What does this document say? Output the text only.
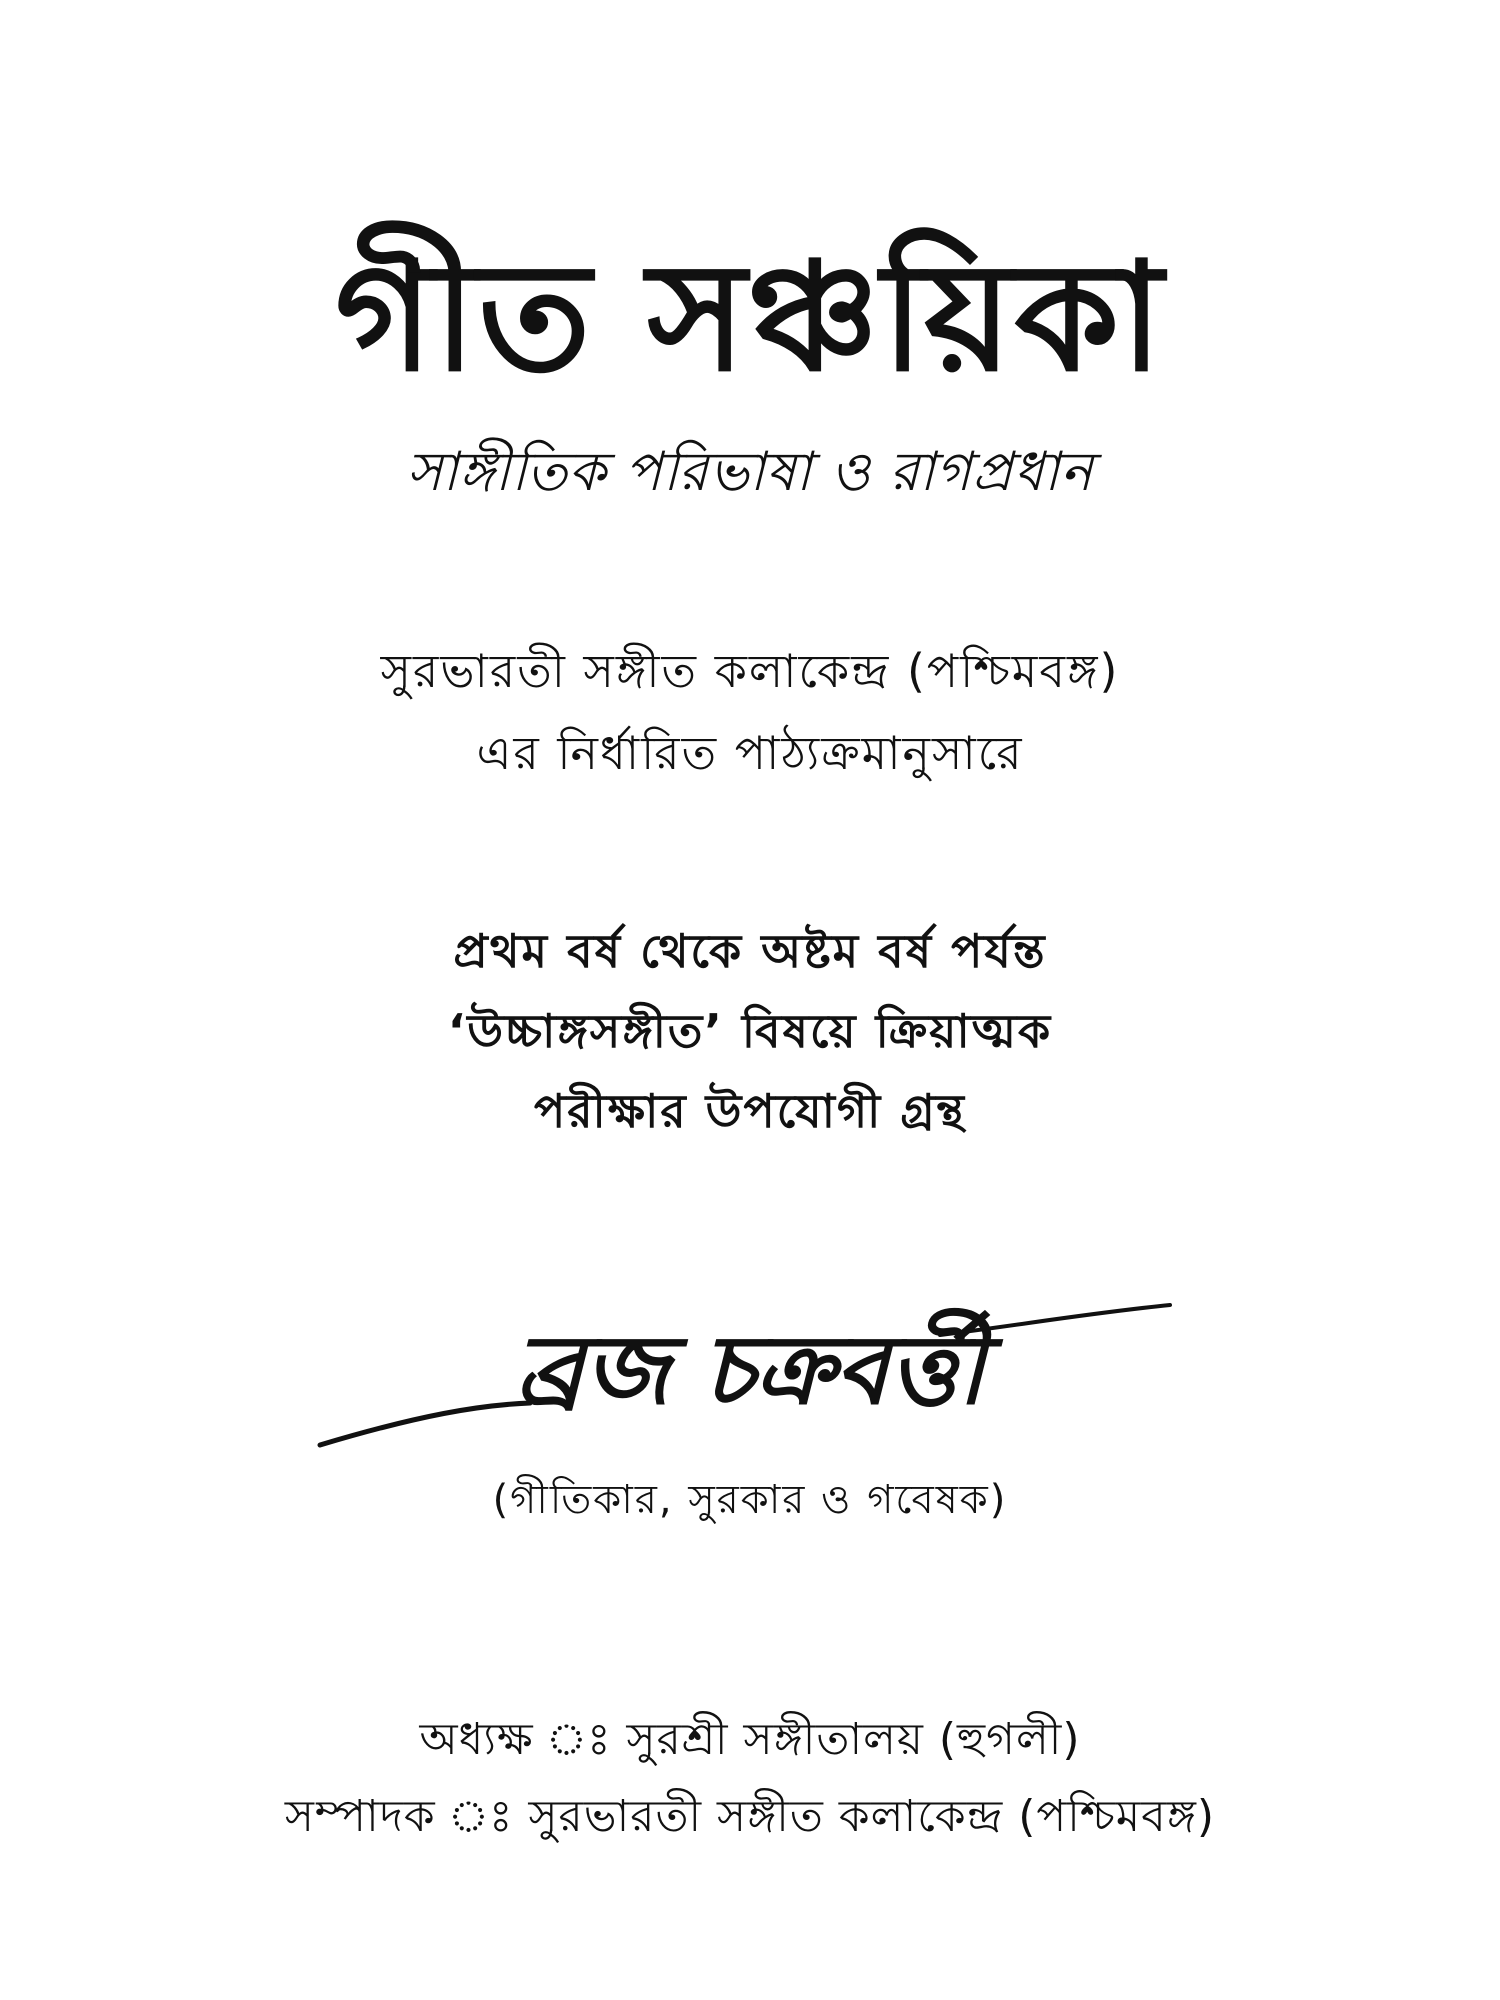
গীত সঞ্চয়িকা
সাঙ্গীতিক পরিভাষা ও রাগপ্রধান
সুরভারতী সঙ্গীত কলাকেন্দ্র (পশ্চিমবঙ্গ)
এর নির্ধারিত পাঠ্যক্রমানুসারে
প্রথম বর্ষ থেকে অষ্টম বর্ষ পর্যন্ত
‘উচ্চাঙ্গসঙ্গীত’ বিষয়ে ক্রিয়াত্মক
পরীক্ষার উপযোগী গ্রন্থ
ব্রজ চক্রবর্ত্তী
(গীতিকার, সুরকার ও গবেষক)
অধ্যক্ষ ঃ সুরশ্রী সঙ্গীতালয় (হুগলী)
সম্পাদক ঃ সুরভারতী সঙ্গীত কলাকেন্দ্র (পশ্চিমবঙ্গ)
